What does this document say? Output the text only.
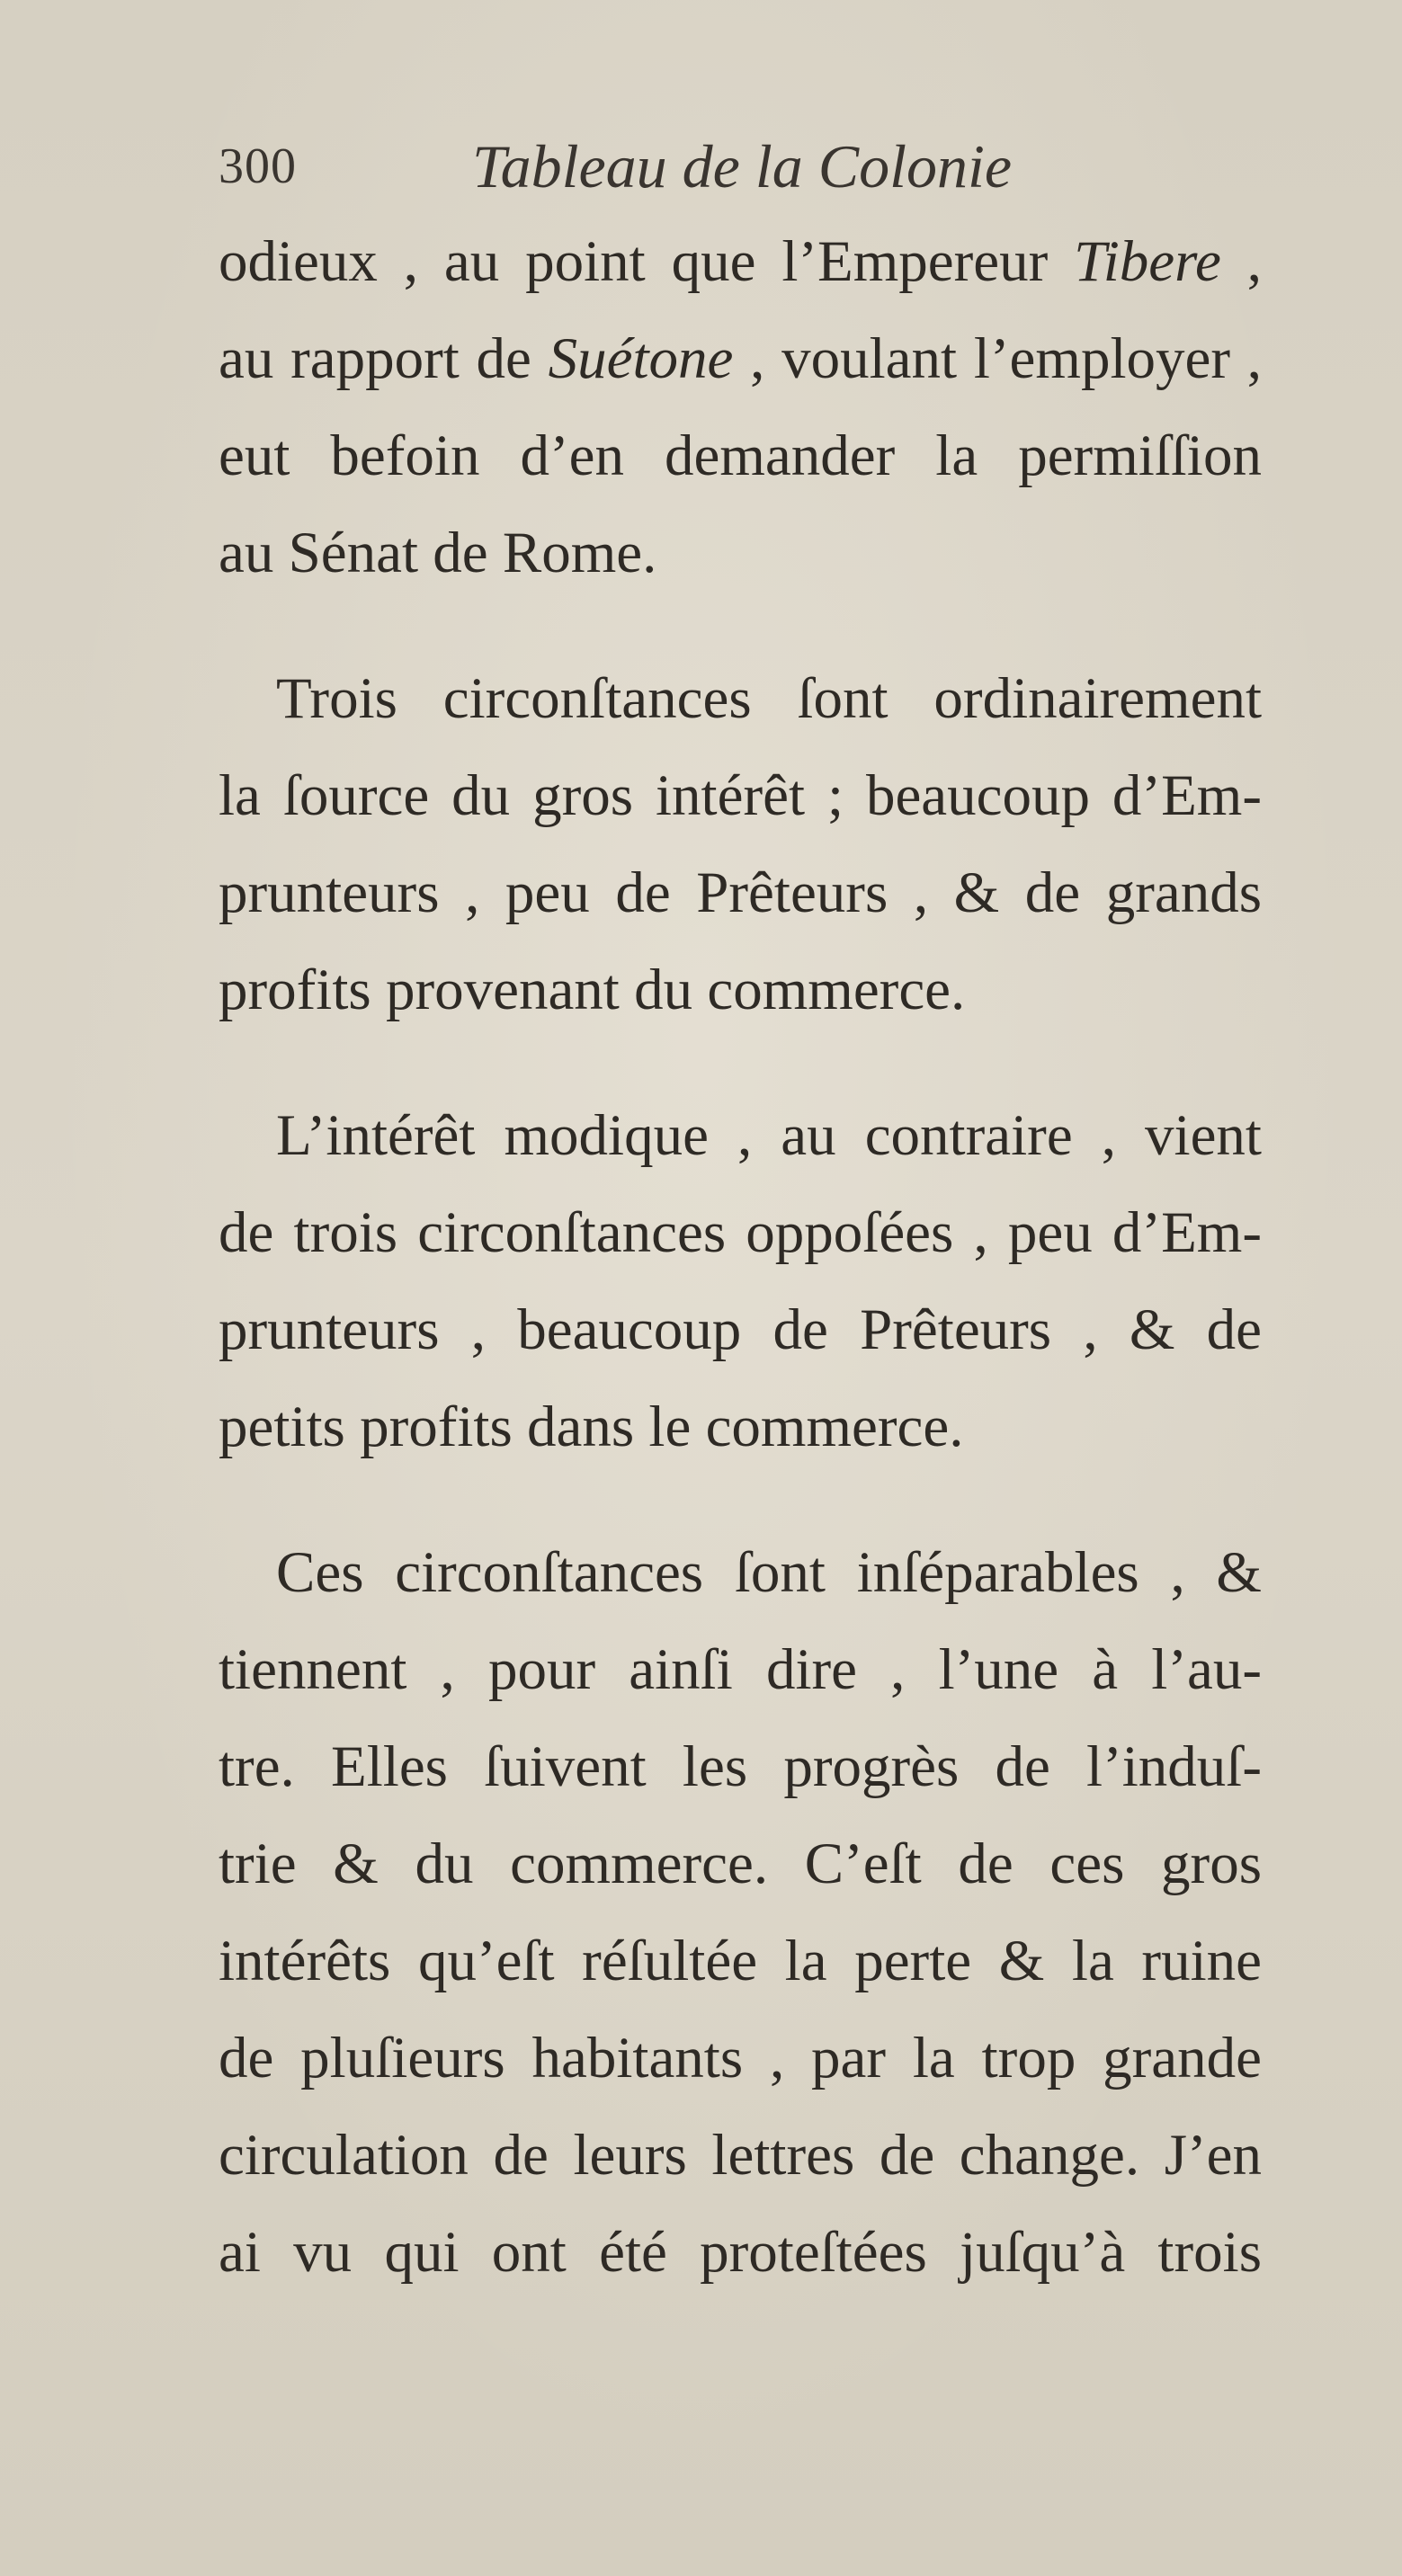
300	Tableau de la Colonie

odieux , au point que l’Empereur Tibere ,
au rapport de Suétone , voulant l’employer ,
eut befoin d’en demander la permiſſion
au Sénat de Rome.

Trois circonſtances ſont ordinairement
la ſource du gros intérêt ; beaucoup d’Em-
prunteurs , peu de Prêteurs , & de grands
profits provenant du commerce.

L’intérêt modique , au contraire , vient
de trois circonſtances oppoſées , peu d’Em-
prunteurs , beaucoup de Prêteurs , & de
petits profits dans le commerce.

Ces circonſtances ſont inſéparables , &
tiennent , pour ainſi dire , l’une à l’au-
tre. Elles ſuivent les progrès de l’induſ-
trie & du commerce. C’eſt de ces gros
intérêts qu’eſt réſultée la perte & la ruine
de pluſieurs habitants , par la trop grande
circulation de leurs lettres de change. J’en
ai vu qui ont été proteſtées juſqu’à trois
